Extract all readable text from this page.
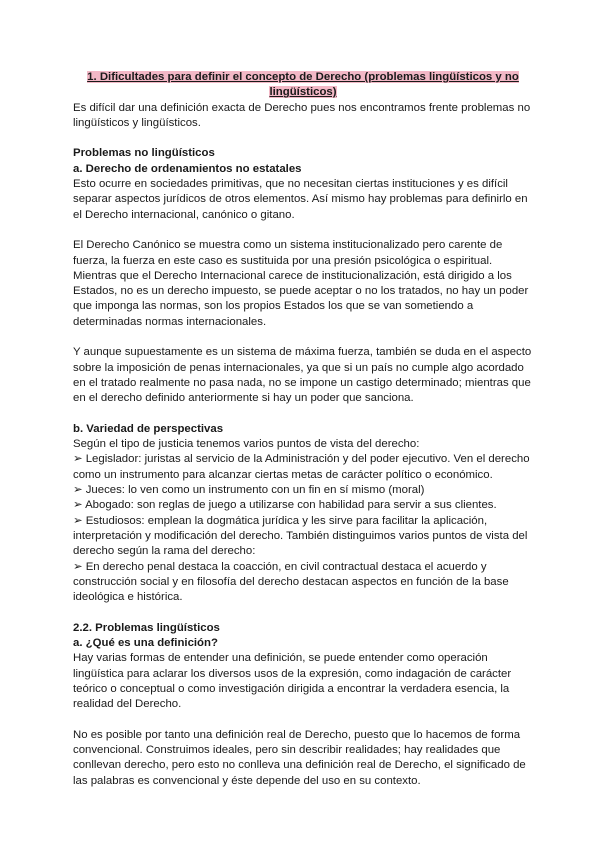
1. Dificultades para definir el concepto de Derecho (problemas lingüísticos y no
lingüísticos)

Es difícil dar una definición exacta de Derecho pues nos encontramos frente problemas no lingüísticos y lingüísticos.

Problemas no lingüísticos

a. Derecho de ordenamientos no estatales

Esto ocurre en sociedades primitivas, que no necesitan ciertas instituciones y es difícil separar aspectos jurídicos de otros elementos. Así mismo hay problemas para definirlo en el Derecho internacional, canónico o gitano.

El Derecho Canónico se muestra como un sistema institucionalizado pero carente de fuerza, la fuerza en este caso es sustituida por una presión psicológica o espiritual. Mientras que el Derecho Internacional carece de institucionalización, está dirigido a los Estados, no es un derecho impuesto, se puede aceptar o no los tratados, no hay un poder que imponga las normas, son los propios Estados los que se van sometiendo a determinadas normas internacionales.

Y aunque supuestamente es un sistema de máxima fuerza, también se duda en el aspecto sobre la imposición de penas internacionales, ya que si un país no cumple algo acordado en el tratado realmente no pasa nada, no se impone un castigo determinado; mientras que en el derecho definido anteriormente si hay un poder que sanciona.

b. Variedad de perspectivas

Según el tipo de justicia tenemos varios puntos de vista del derecho:

➢ Legislador: juristas al servicio de la Administración y del poder ejecutivo. Ven el derecho como un instrumento para alcanzar ciertas metas de carácter político o económico.

➢ Jueces: lo ven como un instrumento con un fin en sí mismo (moral)

➢ Abogado: son reglas de juego a utilizarse con habilidad para servir a sus clientes.

➢ Estudiosos: emplean la dogmática jurídica y les sirve para facilitar la aplicación, interpretación y modificación del derecho. También distinguimos varios puntos de vista del derecho según la rama del derecho:

➢ En derecho penal destaca la coacción, en civil contractual destaca el acuerdo y construcción social y en filosofía del derecho destacan aspectos en función de la base ideológica e histórica.

2.2. Problemas lingüísticos

a. ¿Qué es una definición?

Hay varias formas de entender una definición, se puede entender como operación lingüística para aclarar los diversos usos de la expresión, como indagación de carácter teórico o conceptual o como investigación dirigida a encontrar la verdadera esencia, la realidad del Derecho.

No es posible por tanto una definición real de Derecho, puesto que lo hacemos de forma convencional. Construimos ideales, pero sin describir realidades; hay realidades que conllevan derecho, pero esto no conlleva una definición real de Derecho, el significado de las palabras es convencional y éste depende del uso en su contexto.
